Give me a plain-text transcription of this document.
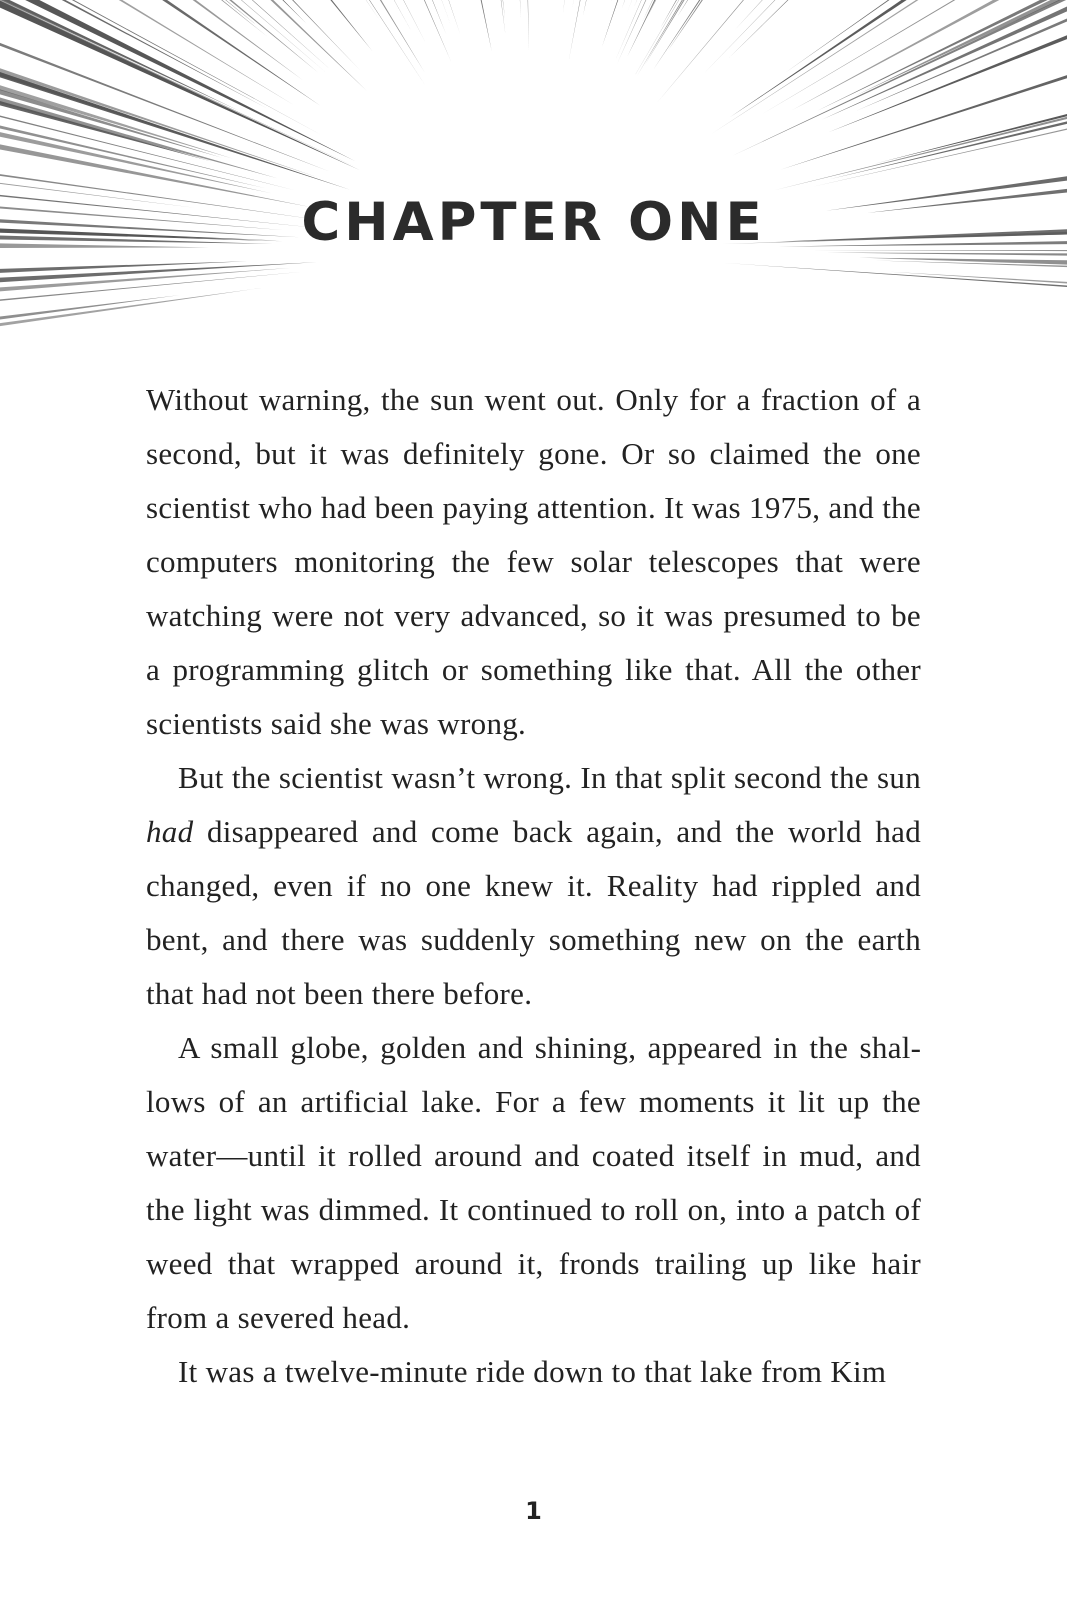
CHAPTER ONE

Without warning, the sun went out. Only for a fraction of a second, but it was definitely gone. Or so claimed the one scientist who had been paying attention. It was 1975, and the computers monitoring the few solar telescopes that were watching were not very advanced, so it was presumed to be a programming glitch or something like that. All the other scientists said she was wrong.

But the scientist wasn’t wrong. In that split second the sun had disappeared and come back again, and the world had changed, even if no one knew it. Reality had rippled and bent, and there was suddenly something new on the earth that had not been there before.

A small globe, golden and shining, appeared in the shallows of an artificial lake. For a few moments it lit up the water—until it rolled around and coated itself in mud, and the light was dimmed. It continued to roll on, into a patch of weed that wrapped around it, fronds trailing up like hair from a severed head.

It was a twelve-minute ride down to that lake from Kim

1
